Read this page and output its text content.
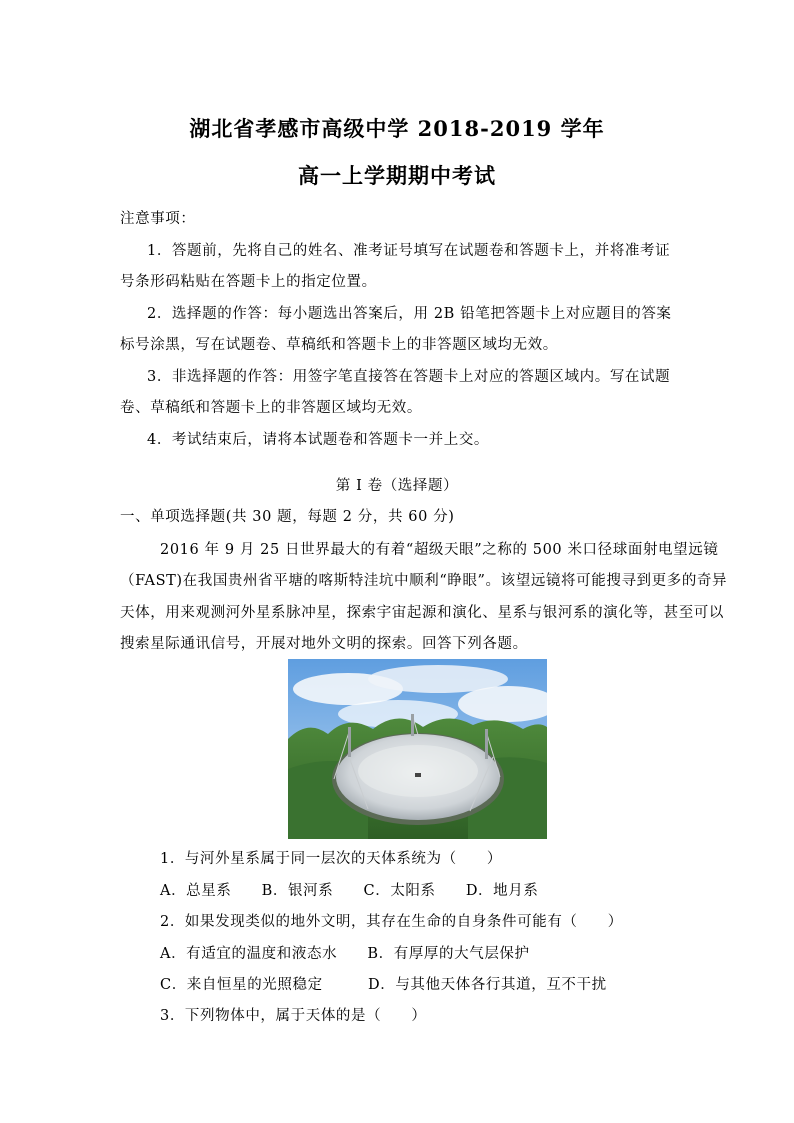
湖北省孝感市高级中学 2018-2019 学年
高一上学期期中考试
注意事项：
1．答题前，先将自己的姓名、准考证号填写在试题卷和答题卡上，并将准考证
号条形码粘贴在答题卡上的指定位置。
2．选择题的作答：每小题选出答案后，用 2B 铅笔把答题卡上对应题目的答案
标号涂黑，写在试题卷、草稿纸和答题卡上的非答题区域均无效。
3．非选择题的作答：用签字笔直接答在答题卡上对应的答题区域内。写在试题
卷、草稿纸和答题卡上的非答题区域均无效。
4．考试结束后，请将本试题卷和答题卡一并上交。
第 I 卷（选择题）
一、单项选择题(共 30 题，每题 2 分，共 60 分)
2016 年 9 月 25 日世界最大的有着“超级天眼”之称的 500 米口径球面射电望远镜
（FAST)在我国贵州省平塘的喀斯特洼坑中顺利“睁眼”。该望远镜将可能搜寻到更多的奇异
天体，用来观测河外星系脉冲星，探索宇宙起源和演化、星系与银河系的演化等，甚至可以
搜索星际通讯信号，开展对地外文明的探索。回答下列各题。
1．与河外星系属于同一层次的天体系统为（　　）
A．总星系　　B．银河系　　C．太阳系　　D．地月系
2．如果发现类似的地外文明，其存在生命的自身条件可能有（　　）
A．有适宜的温度和液态水　　B．有厚厚的大气层保护
C．来自恒星的光照稳定　　　D．与其他天体各行其道，互不干扰
3．下列物体中，属于天体的是（　　）
